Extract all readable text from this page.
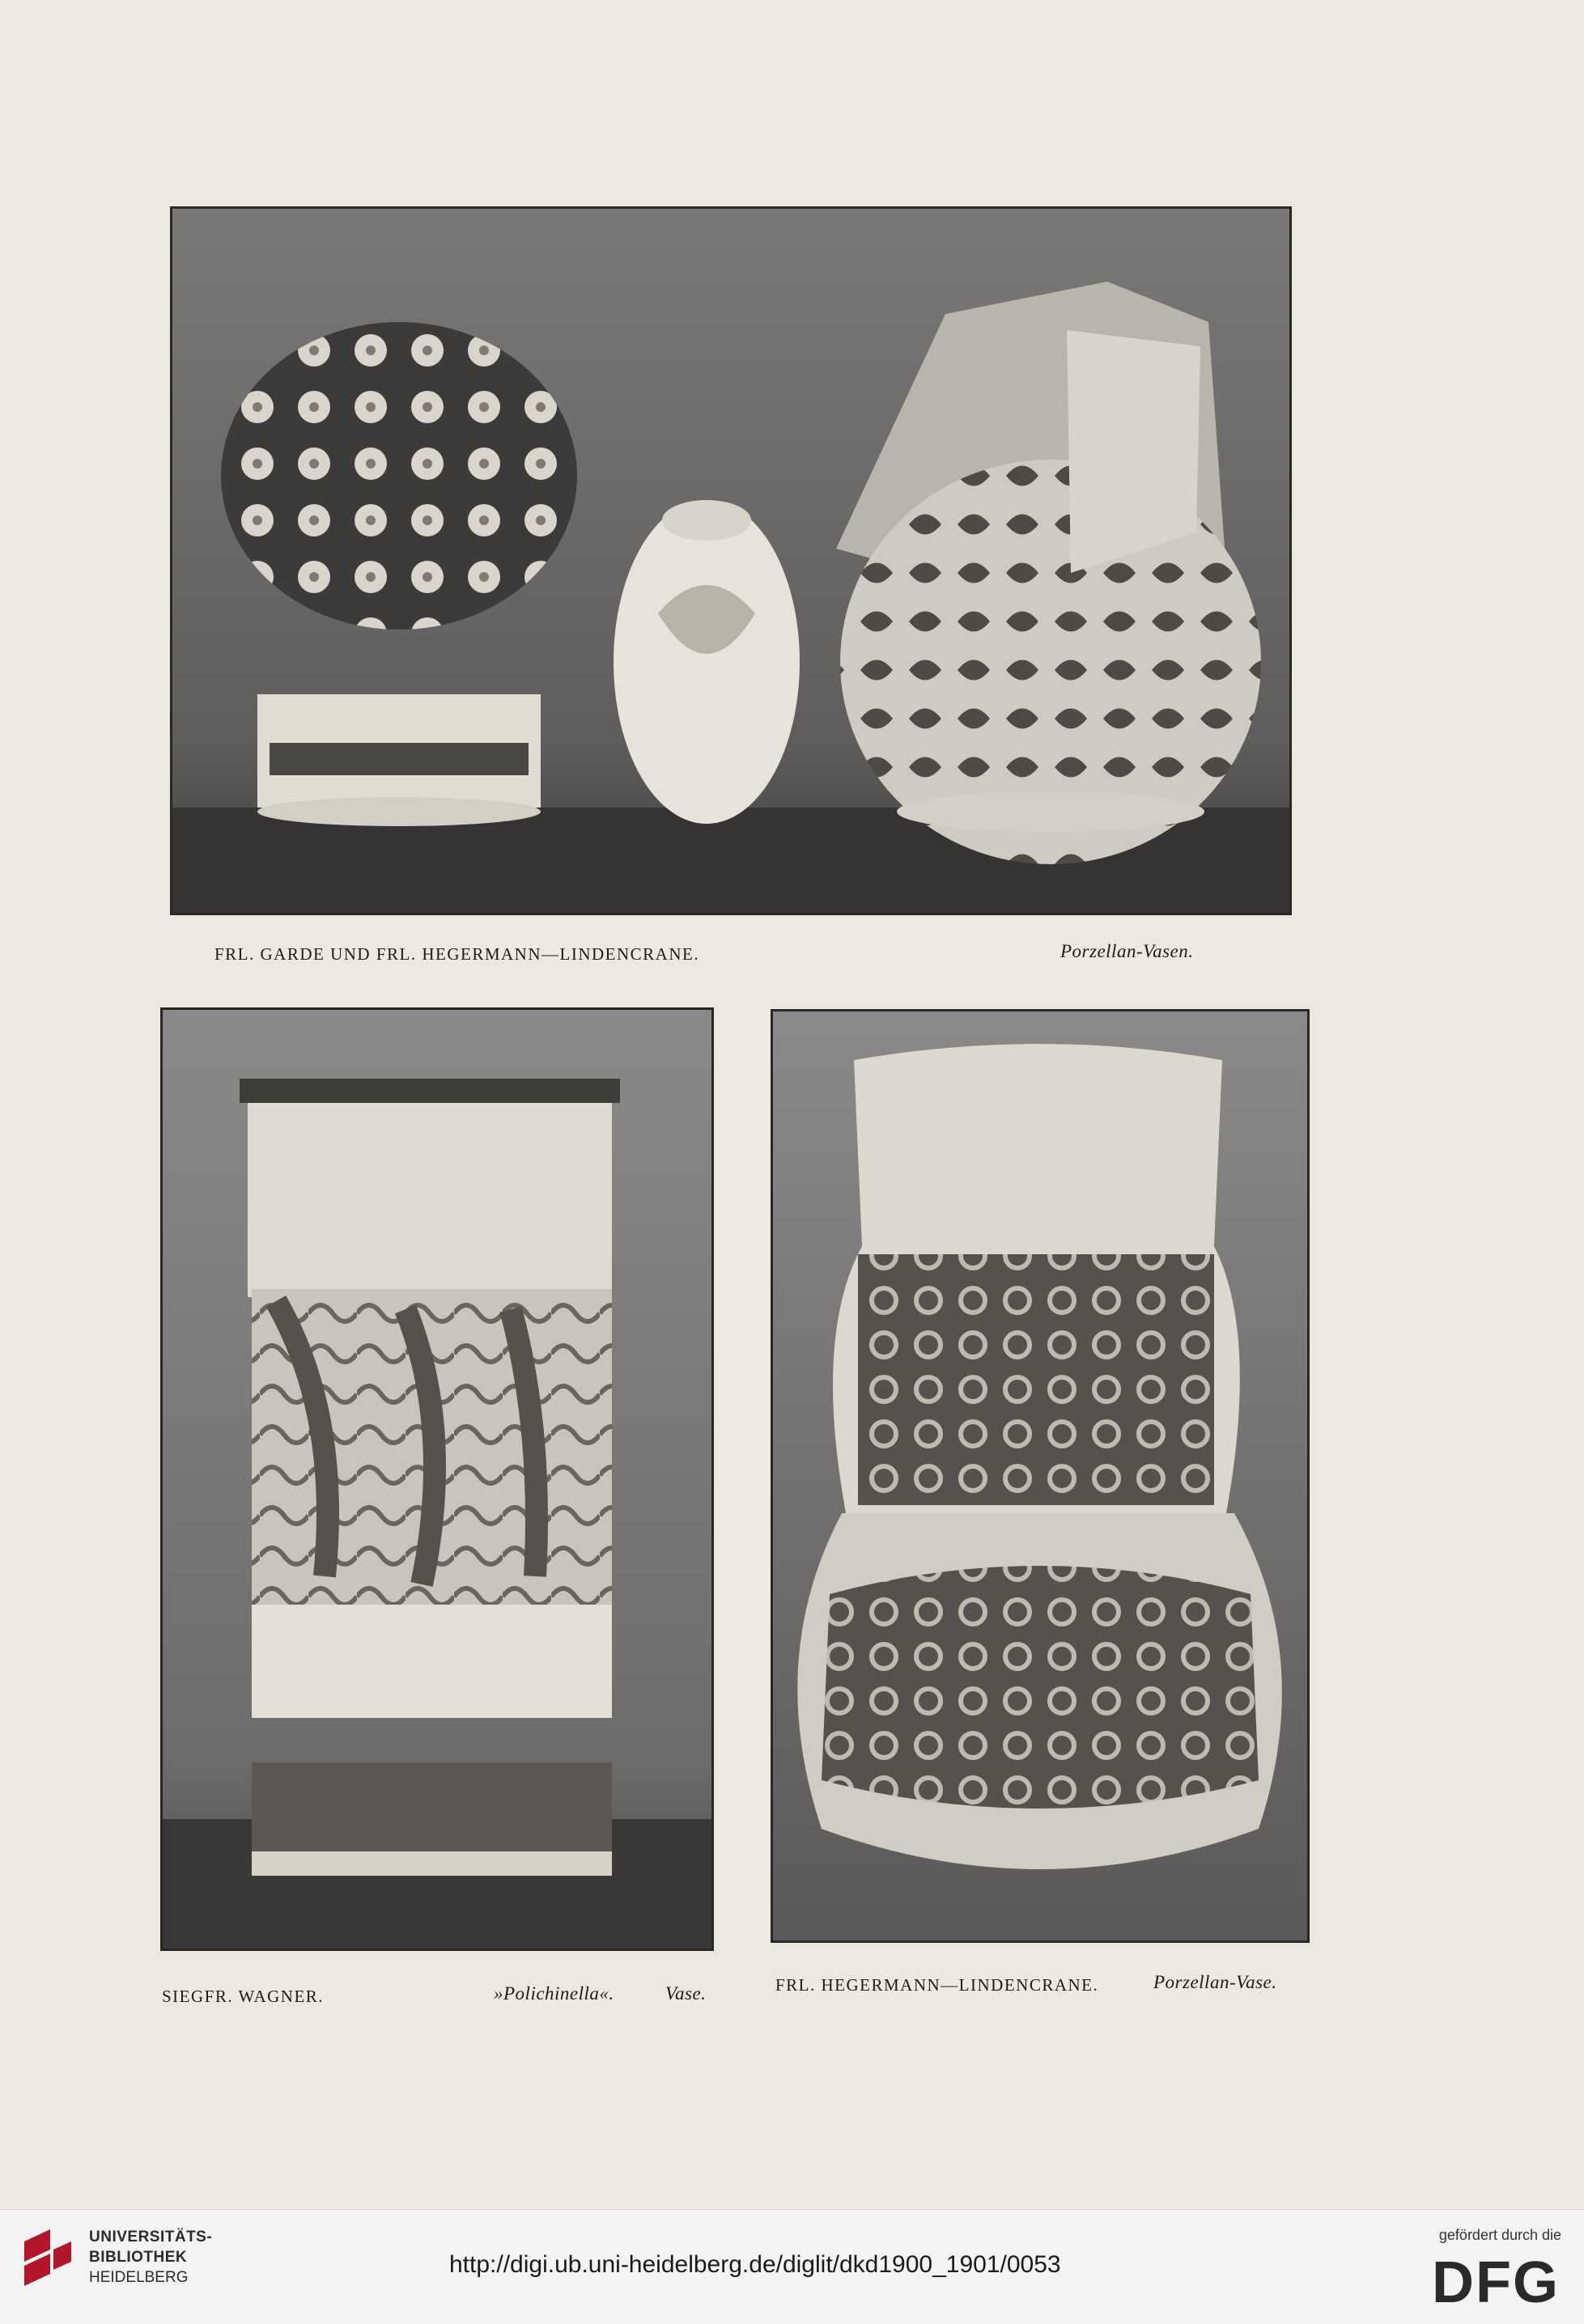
FRL. GARDE UND FRL. HEGERMANN—LINDENCRANE.	Porzellan-Vasen.
SIEGFR. WAGNER.	»Polichinella«.	Vase.	FRL. HEGERMANN—LINDENCRANE.	Porzellan-Vase.
UNIVERSITÄTS-
BIBLIOTHEK
HEIDELBERG	http://digi.ub.uni-heidelberg.de/diglit/dkd1900_1901/0053
gefördert durch die
DFG
